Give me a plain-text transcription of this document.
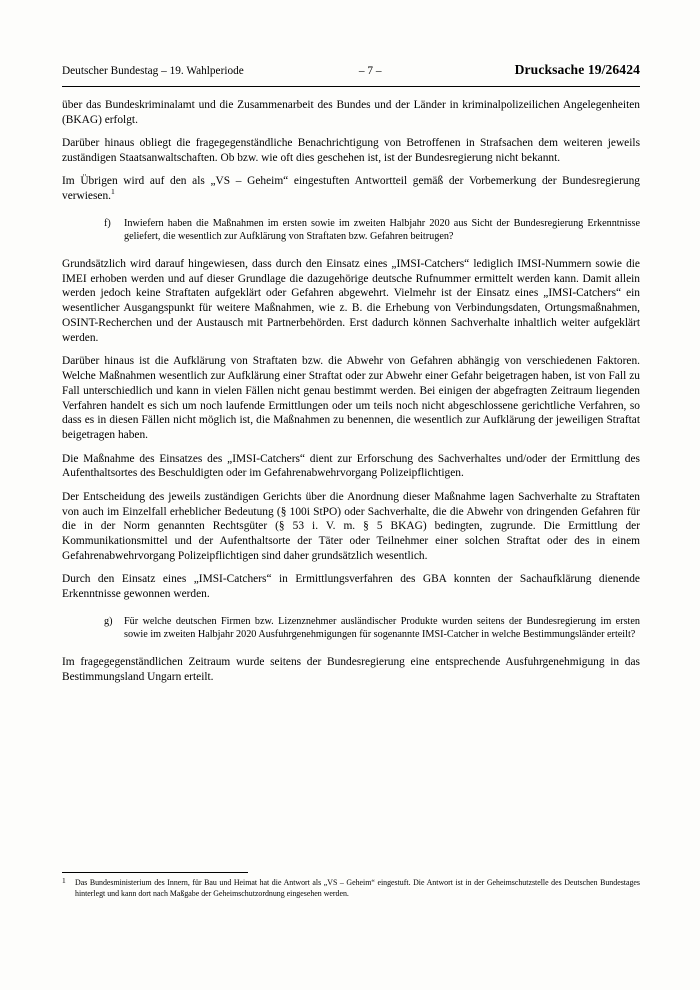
Deutscher Bundestag – 19. Wahlperiode	– 7 –	Drucksache 19/26424

über das Bundeskriminalamt und die Zusammenarbeit des Bundes und der Länder in kriminalpolizeilichen Angelegenheiten (BKAG) erfolgt.

Darüber hinaus obliegt die fragegegenständliche Benachrichtigung von Betroffenen in Strafsachen dem weiteren jeweils zuständigen Staatsanwaltschaften. Ob bzw. wie oft dies geschehen ist, ist der Bundesregierung nicht bekannt.

Im Übrigen wird auf den als „VS – Geheim“ eingestuften Antwortteil gemäß der Vorbemerkung der Bundesregierung verwiesen.$^1$

f) Inwiefern haben die Maßnahmen im ersten sowie im zweiten Halbjahr 2020 aus Sicht der Bundesregierung Erkenntnisse geliefert, die wesentlich zur Aufklärung von Straftaten bzw. Gefahren beitrugen?

Grundsätzlich wird darauf hingewiesen, dass durch den Einsatz eines „IMSI-Catchers“ lediglich IMSI-Nummern sowie die IMEI erhoben werden und auf dieser Grundlage die dazugehörige deutsche Rufnummer ermittelt werden kann. Damit allein werden jedoch keine Straftaten aufgeklärt oder Gefahren abgewehrt. Vielmehr ist der Einsatz eines „IMSI-Catchers“ ein wesentlicher Ausgangspunkt für weitere Maßnahmen, wie z. B. die Erhebung von Verbindungsdaten, Ortungsmaßnahmen, OSINT-Recherchen und der Austausch mit Partnerbehörden. Erst dadurch können Sachverhalte inhaltlich weiter aufgeklärt werden.

Darüber hinaus ist die Aufklärung von Straftaten bzw. die Abwehr von Gefahren abhängig von verschiedenen Faktoren. Welche Maßnahmen wesentlich zur Aufklärung einer Straftat oder zur Abwehr einer Gefahr beigetragen haben, ist von Fall zu Fall unterschiedlich und kann in vielen Fällen nicht genau bestimmt werden. Bei einigen der abgefragten Zeitraum liegenden Verfahren handelt es sich um noch laufende Ermittlungen oder um teils noch nicht abgeschlossene gerichtliche Verfahren, so dass es in diesen Fällen nicht möglich ist, die Maßnahmen zu benennen, die wesentlich zur Aufklärung der jeweiligen Straftat beigetragen haben.

Die Maßnahme des Einsatzes des „IMSI-Catchers“ dient zur Erforschung des Sachverhaltes und/oder der Ermittlung des Aufenthaltsortes des Beschuldigten oder im Gefahrenabwehrvorgang Polizeipflichtigen.

Der Entscheidung des jeweils zuständigen Gerichts über die Anordnung dieser Maßnahme lagen Sachverhalte zu Straftaten von auch im Einzelfall erheblicher Bedeutung (§ 100i StPO) oder Sachverhalte, die die Abwehr von dringenden Gefahren für die in der Norm genannten Rechtsgüter (§ 53 i. V. m. § 5 BKAG) bedingten, zugrunde. Die Ermittlung der Kommunikationsmittel und der Aufenthaltsorte der Täter oder Teilnehmer einer solchen Straftat oder des in einem Gefahrenabwehrvorgang Polizeipflichtigen sind daher grundsätzlich wesentlich.

Durch den Einsatz eines „IMSI-Catchers“ in Ermittlungsverfahren des GBA konnten der Sachaufklärung dienende Erkenntnisse gewonnen werden.

g) Für welche deutschen Firmen bzw. Lizenznehmer ausländischer Produkte wurden seitens der Bundesregierung im ersten sowie im zweiten Halbjahr 2020 Ausfuhrgenehmigungen für sogenannte IMSI-Catcher in welche Bestimmungsländer erteilt?

Im fragegegenständlichen Zeitraum wurde seitens der Bundesregierung eine entsprechende Ausfuhrgenehmigung in das Bestimmungsland Ungarn erteilt.

1 Das Bundesministerium des Innern, für Bau und Heimat hat die Antwort als „VS – Geheim“ eingestuft. Die Antwort ist in der Geheimschutzstelle des Deutschen Bundestages hinterlegt und kann dort nach Maßgabe der Geheimschutzordnung eingesehen werden.
